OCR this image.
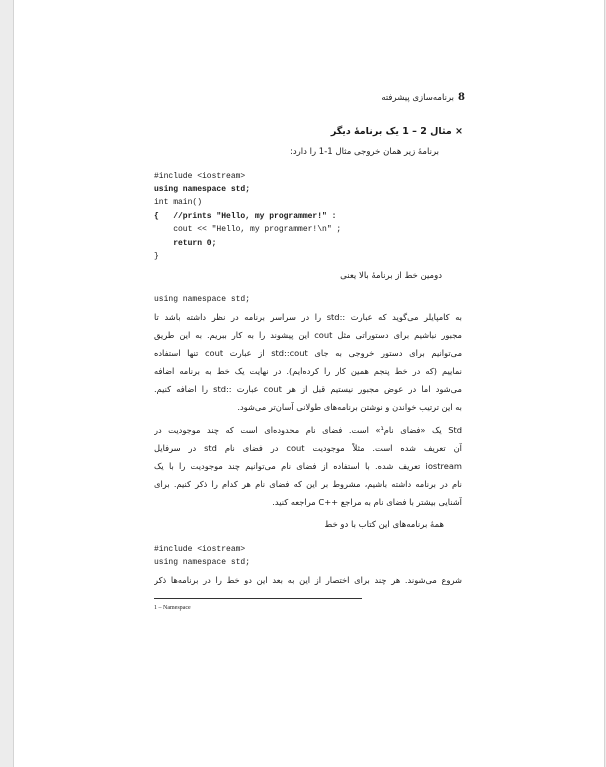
8
برنامه‌سازی پیشرفته
× مثال 2 – 1 یک برنامهٔ دیگر
برنامهٔ زیر همان خروجی مثال 1-1 را دارد:
#include <iostream>
using namespace std;
int main()
{   //prints "Hello, my programmer!" :
cout << "Hello, my programmer!\n" ;
return 0;
}
دومین خط از برنامهٔ بالا یعنی
using namespace std;
به کامپایلر می‌گوید که عبارت ::std را در سراسر برنامه در نظر داشته باشد تا
مجبور نباشیم برای دستوراتی مثل cout این پیشوند را به کار ببریم. به این طریق
می‌توانیم برای دستور خروجی به جای std::cout از عبارت cout تنها استفاده
نماییم (که در خط پنجم همین کار را کرده‌ایم). در نهایت یک خط به برنامه اضافه
می‌شود اما در عوض مجبور نیستیم قبل از هر cout عبارت ::std را اضافه کنیم.
به این ترتیب خواندن و نوشتن برنامه‌های طولانی آسان‌تر می‌شود.
Std یک «فضای نام¹» است. فضای نام محدوده‌ای است که چند موجودیت در
آن تعریف شده است. مثلاً موجودیت cout در فضای نام std در سرفایل
iostream تعریف شده. با استفاده از فضای نام می‌توانیم چند موجودیت را با یک
نام در برنامه داشته باشیم، مشروط بر این که فضای نام هر کدام را ذکر کنیم. برای
آشنایی بیشتر با فضای نام به مراجع ++C مراجعه کنید.
همهٔ برنامه‌های این کتاب با دو خط
#include <iostream>
using namespace std;
شروع می‌شوند. هر چند برای اختصار از این به بعد این دو خط را در برنامه‌ها ذکر
1 – Namespace
